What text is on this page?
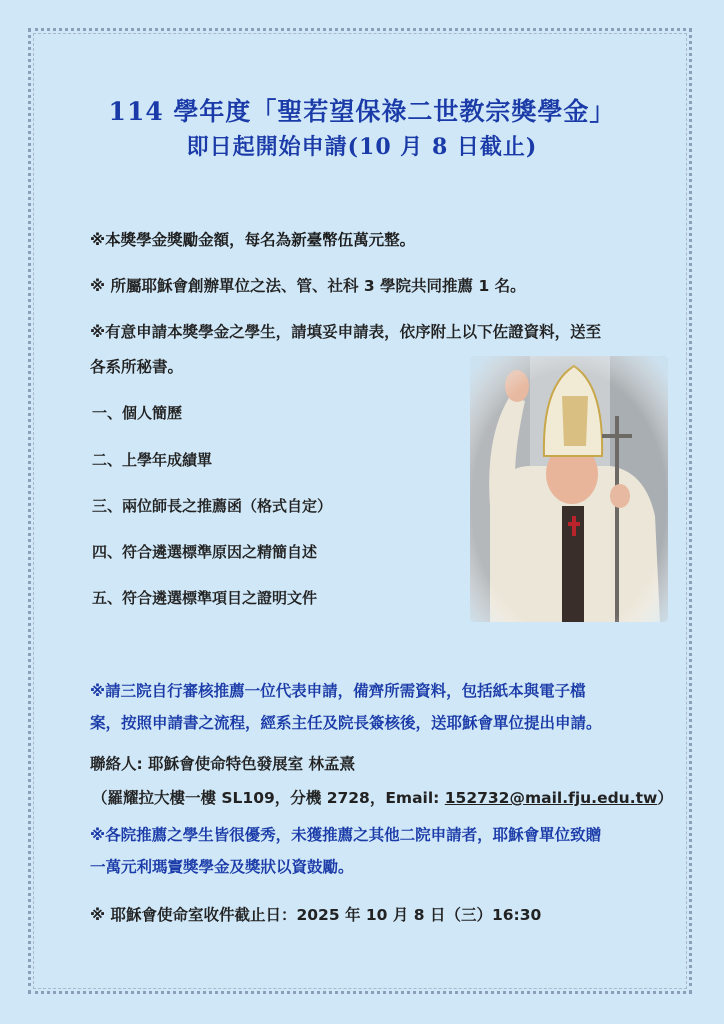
114 學年度「聖若望保祿二世教宗獎學金」
即日起開始申請(10 月 8 日截止)
※本獎學金獎勵金額，每名為新臺幣伍萬元整。
※ 所屬耶穌會創辦單位之法、管、社科 3 學院共同推薦 1 名。
※有意申請本獎學金之學生，請填妥申請表，依序附上以下佐證資料，送至
各系所秘書。
一、個人簡歷
二、上學年成績單
三、兩位師長之推薦函（格式自定）
四、符合遴選標準原因之精簡自述
五、符合遴選標準項目之證明文件
※請三院自行審核推薦一位代表申請，備齊所需資料，包括紙本與電子檔
案，按照申請書之流程，經系主任及院長簽核後，送耶穌會單位提出申請。
聯絡人: 耶穌會使命特色發展室 林孟熹
（羅耀拉大樓一樓 SL109，分機 2728，Email: 152732@mail.fju.edu.tw）
※各院推薦之學生皆很優秀，未獲推薦之其他二院申請者，耶穌會單位致贈
一萬元利瑪竇獎學金及獎狀以資鼓勵。
※ 耶穌會使命室收件截止日：2025 年 10 月 8 日（三）16:30
